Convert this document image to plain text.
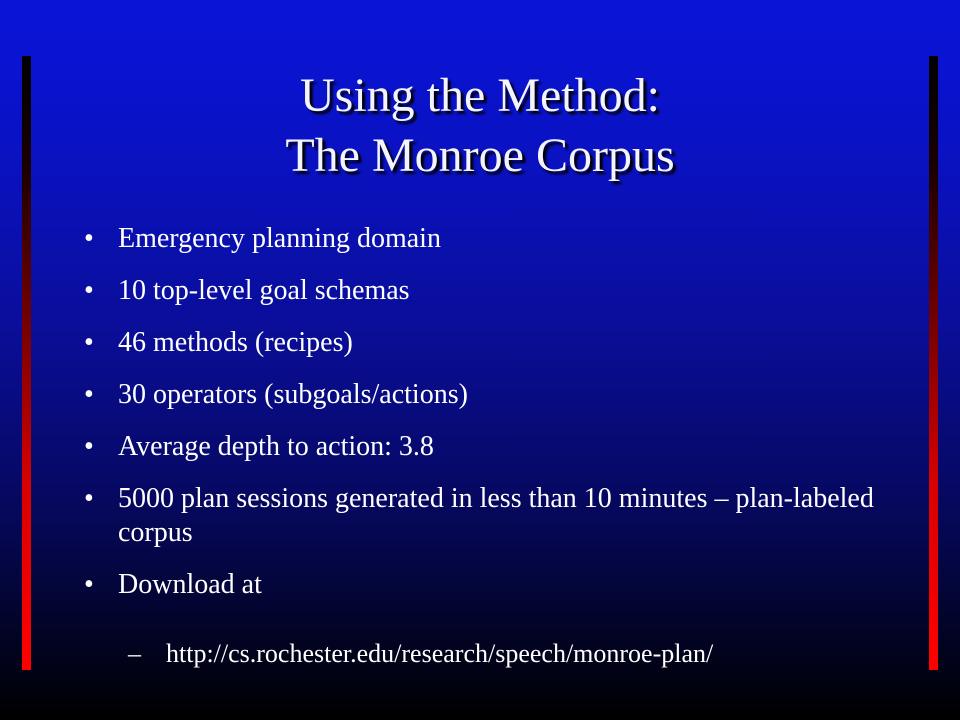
Using the Method:
The Monroe Corpus
• Emergency planning domain
• 10 top-level goal schemas
• 46 methods (recipes)
• 30 operators (subgoals/actions)
• Average depth to action: 3.8
• 5000 plan sessions generated in less than 10 minutes – plan-labeled corpus
• Download at
– http://cs.rochester.edu/research/speech/monroe-plan/
